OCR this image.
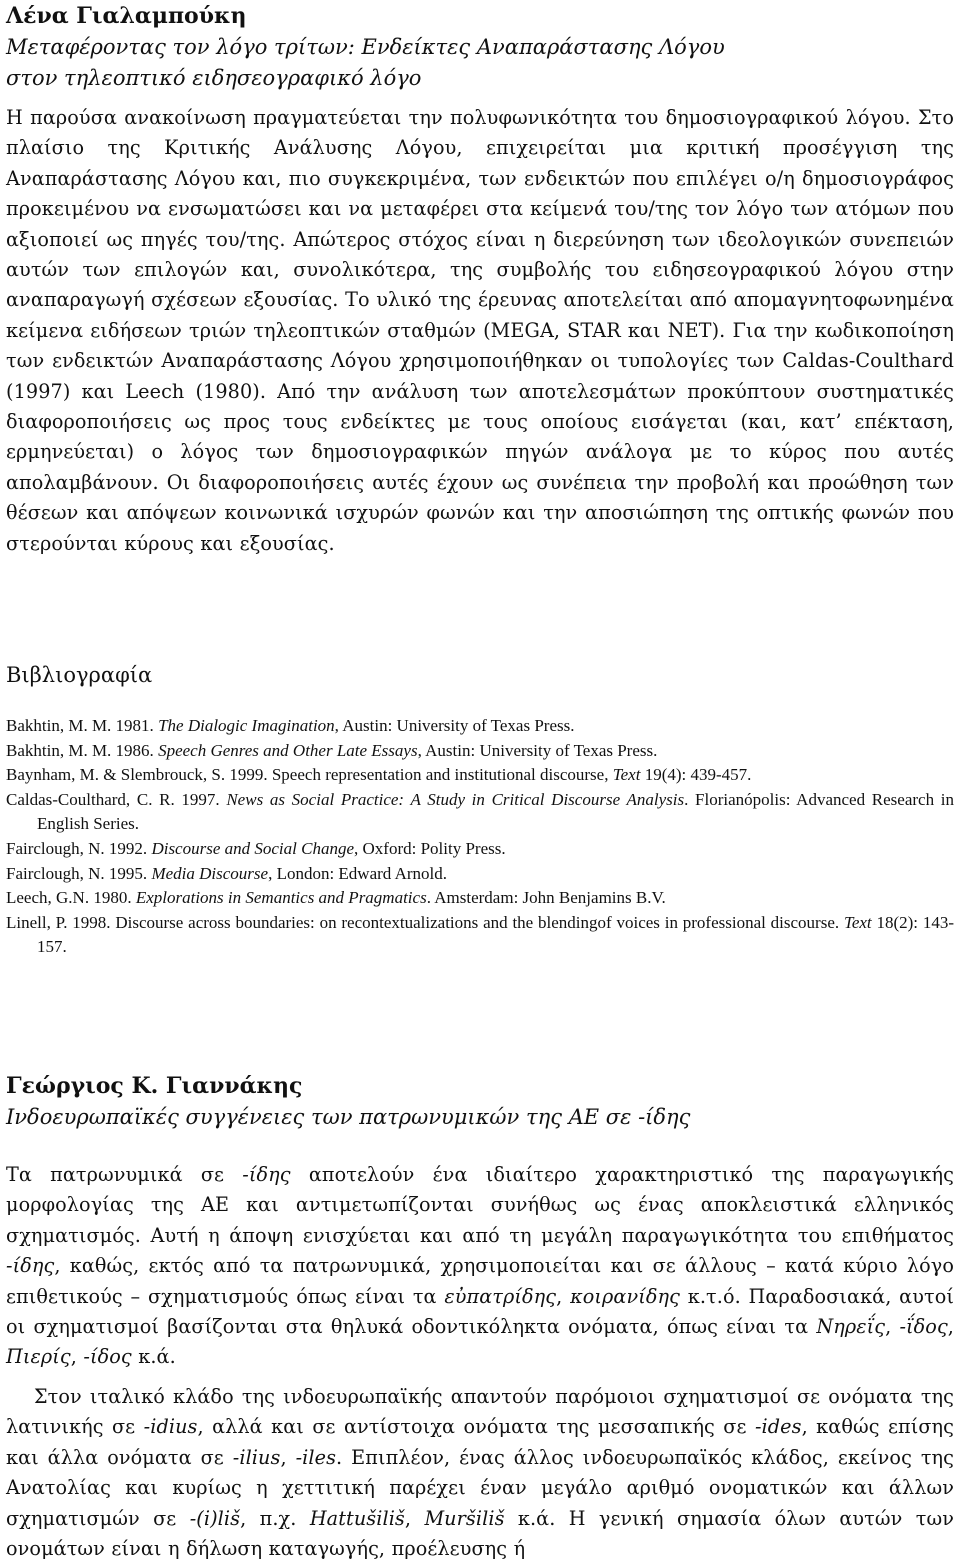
Λένα Γιαλαμπούκη
Μεταφέροντας τον λόγο τρίτων: Ενδείκτες Αναπαράστασης Λόγου
στον τηλεοπτικό ειδησεογραφικό λόγο
Η παρούσα ανακοίνωση πραγματεύεται την πολυφωνικότητα του δημοσιογραφικού λόγου. Στο πλαίσιο της Κριτικής Ανάλυσης Λόγου, επιχειρείται μια κριτική προσέγγιση της Αναπαράστασης Λόγου και, πιο συγκεκριμένα, των ενδεικτών που επιλέγει ο/η δημοσιογράφος προκειμένου να ενσωματώσει και να μεταφέρει στα κείμενά του/της τον λόγο των ατόμων που αξιοποιεί ως πηγές του/της. Απώτερος στόχος είναι η διερεύνηση των ιδεολογικών συνεπειών αυτών των επιλογών και, συνολικότερα, της συμβολής του ειδησεογραφικού λόγου στην αναπαραγωγή σχέσεων εξουσίας. Το υλικό της έρευνας αποτελείται από απομαγνητοφωνημένα κείμενα ειδήσεων τριών τηλεοπτικών σταθμών (MEGA, STAR και ΝΕΤ). Για την κωδικοποίηση των ενδεικτών Αναπαράστασης Λόγου χρησιμοποιήθηκαν οι τυπολογίες των Caldas-Coulthard (1997) και Leech (1980). Από την ανάλυση των αποτελεσμάτων προκύπτουν συστηματικές διαφοροποιήσεις ως προς τους ενδείκτες με τους οποίους εισάγεται (και, κατ’ επέκταση, ερμηνεύεται) ο λόγος των δημοσιογραφικών πηγών ανάλογα με το κύρος που αυτές απολαμβάνουν. Οι διαφοροποιήσεις αυτές έχουν ως συνέπεια την προβολή και προώθηση των θέσεων και απόψεων κοινωνικά ισχυρών φωνών και την αποσιώπηση της οπτικής φωνών που στερούνται κύρους και εξουσίας.
Βιβλιογραφία
Bakhtin, M. M. 1981. The Dialogic Imagination, Austin: University of Texas Press.
Bakhtin, M. M. 1986. Speech Genres and Other Late Essays, Austin: University of Texas Press.
Baynham, M. & Slembrouck, S. 1999. Speech representation and institutional discourse, Text 19(4): 439-457.
Caldas-Coulthard, C. R. 1997. News as Social Practice: A Study in Critical Discourse Analysis. Florianópolis: Advanced Research in English Series.
Fairclough, N. 1992. Discourse and Social Change, Oxford: Polity Press.
Fairclough, N. 1995. Media Discourse, London: Edward Arnold.
Leech, G.N. 1980. Explorations in Semantics and Pragmatics. Amsterdam: John Benjamins B.V.
Linell, P. 1998. Discourse across boundaries: on recontextualizations and the blendingof voices in professional discourse. Text 18(2): 143-157.
Γεώργιος Κ. Γιαννάκης
Ινδοευρωπαϊκές συγγένειες των πατρωνυμικών της ΑΕ σε -ίδης
Τα πατρωνυμικά σε -ίδης αποτελούν ένα ιδιαίτερο χαρακτηριστικό της παραγωγικής μορφολογίας της ΑΕ και αντιμετωπίζονται συνήθως ως ένας αποκλειστικά ελληνικός σχηματισμός. Αυτή η άποψη ενισχύεται και από τη μεγάλη παραγωγικότητα του επιθήματος -ίδης, καθώς, εκτός από τα πατρωνυμικά, χρησιμοποιείται και σε άλλους – κατά κύριο λόγο επιθετικούς – σχηματισμούς όπως είναι τα εὐπατρίδης, κοιρανίδης κ.τ.ό. Παραδοσιακά, αυτοί οι σχηματισμοί βασίζονται στα θηλυκά οδοντικόληκτα ονόματα, όπως είναι τα Νηρεΐς, -ΐδος, Πιερίς, -ίδος κ.ά.
Στον ιταλικό κλάδο της ινδοευρωπαϊκής απαντούν παρόμοιοι σχηματισμοί σε ονόματα της λατινικής σε -idius, αλλά και σε αντίστοιχα ονόματα της μεσσαπικής σε -ides, καθώς επίσης και άλλα ονόματα σε -ilius, -iles. Επιπλέον, ένας άλλος ινδοευρωπαϊκός κλάδος, εκείνος της Ανατολίας και κυρίως η χεττιτική παρέχει έναν μεγάλο αριθμό ονοματικών και άλλων σχηματισμών σε -(i)liš, π.χ. Hattušiliš, Muršiliš κ.ά. Η γενική σημασία όλων αυτών των ονομάτων είναι η δήλωση καταγωγής, προέλευσης ή
